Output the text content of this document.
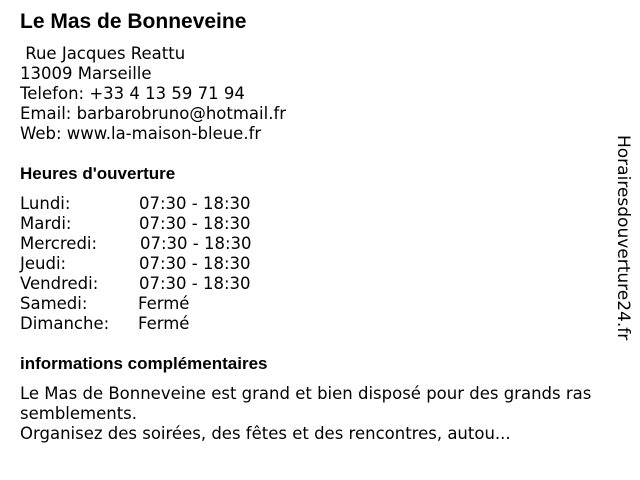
Le Mas de Bonneveine
Rue Jacques Reattu
13009 Marseille
Telefon: +33 4 13 59 71 94
Email: barbarobruno@hotmail.fr
Web: www.la-maison-bleue.fr
Heures d'ouverture
Lundi:	07:30 - 18:30
Mardi:	07:30 - 18:30
Mercredi:	07:30 - 18:30
Jeudi:	07:30 - 18:30
Vendredi: 07:30 - 18:30
Samedi:	Fermé
Dimanche: Fermé
informations complémentaires
Le Mas de Bonneveine est grand et bien disposé pour des grands ras
semblements.
Organisez des soirées, des fêtes et des rencontres, autou...
Horairesdouverture24.fr
